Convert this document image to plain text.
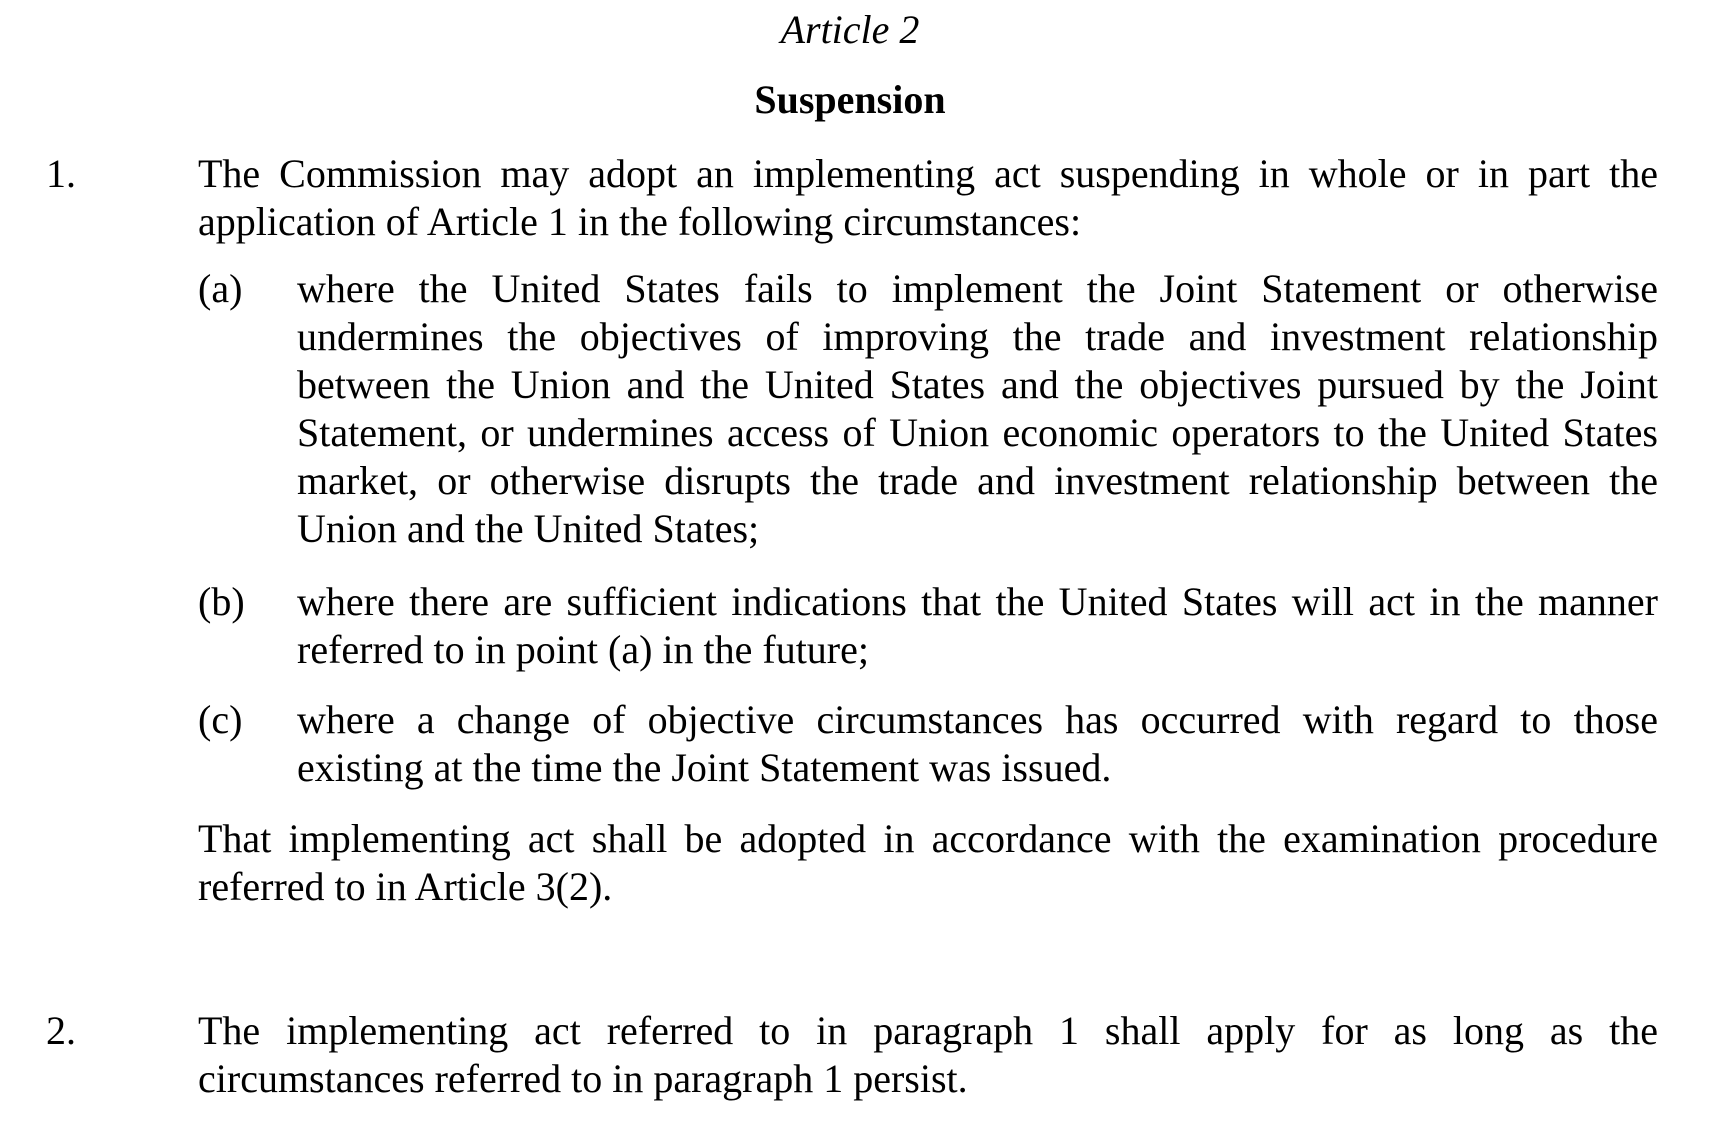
Article 2
Suspension
1.	The Commission may adopt an implementing act suspending in whole or in part the application of Article 1 in the following circumstances:
(a) where the United States fails to implement the Joint Statement or otherwise undermines the objectives of improving the trade and investment relationship between the Union and the United States and the objectives pursued by the Joint Statement, or undermines access of Union economic operators to the United States market, or otherwise disrupts the trade and investment relationship between the Union and the United States;
(b) where there are sufficient indications that the United States will act in the manner referred to in point (a) in the future;
(c) where a change of objective circumstances has occurred with regard to those existing at the time the Joint Statement was issued.
That implementing act shall be adopted in accordance with the examination procedure referred to in Article 3(2).
2.	The implementing act referred to in paragraph 1 shall apply for as long as the circumstances referred to in paragraph 1 persist.
